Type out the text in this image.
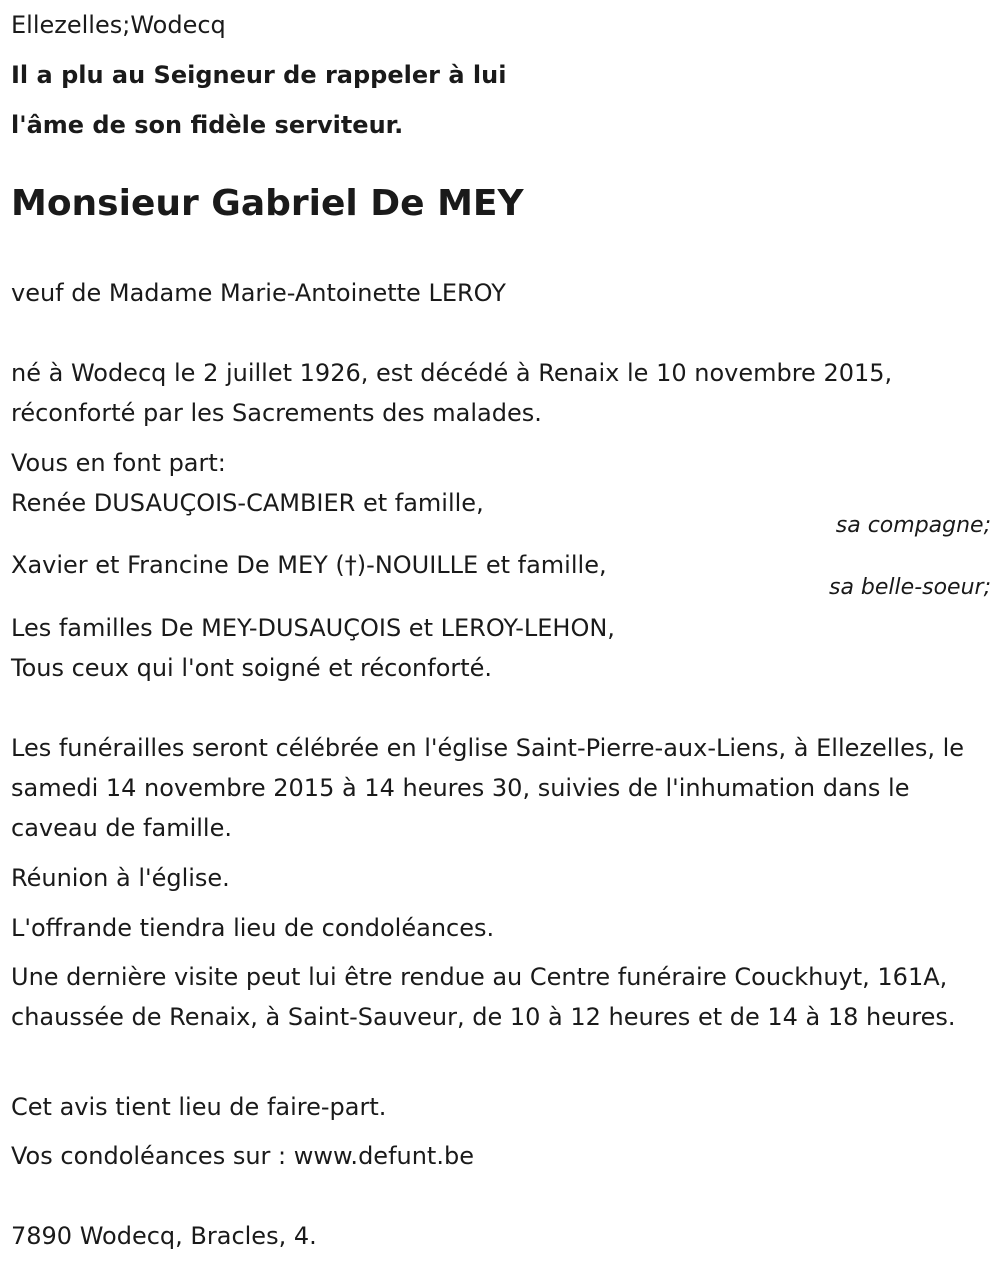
Ellezelles;Wodecq
Il a plu au Seigneur de rappeler à lui
l'âme de son fidèle serviteur.
Monsieur Gabriel De MEY
veuf de Madame Marie-Antoinette LEROY
né à Wodecq le 2 juillet 1926, est décédé à Renaix le 10 novembre 2015,
réconforté par les Sacrements des malades.
Vous en font part:
Renée DUSAUÇOIS-CAMBIER et famille,
sa compagne;
Xavier et Francine De MEY (†)-NOUILLE et famille,
sa belle-soeur;
Les familles De MEY-DUSAUÇOIS et LEROY-LEHON,
Tous ceux qui l'ont soigné et réconforté.
Les funérailles seront célébrée en l'église Saint-Pierre-aux-Liens, à Ellezelles, le samedi 14 novembre 2015 à 14 heures 30, suivies de l'inhumation dans le caveau de famille.
Réunion à l'église.
L'offrande tiendra lieu de condoléances.
Une dernière visite peut lui être rendue au Centre funéraire Couckhuyt, 161A, chaussée de Renaix, à Saint-Sauveur, de 10 à 12 heures et de 14 à 18 heures.
Cet avis tient lieu de faire-part.
Vos condoléances sur : www.defunt.be
7890 Wodecq, Bracles, 4.
